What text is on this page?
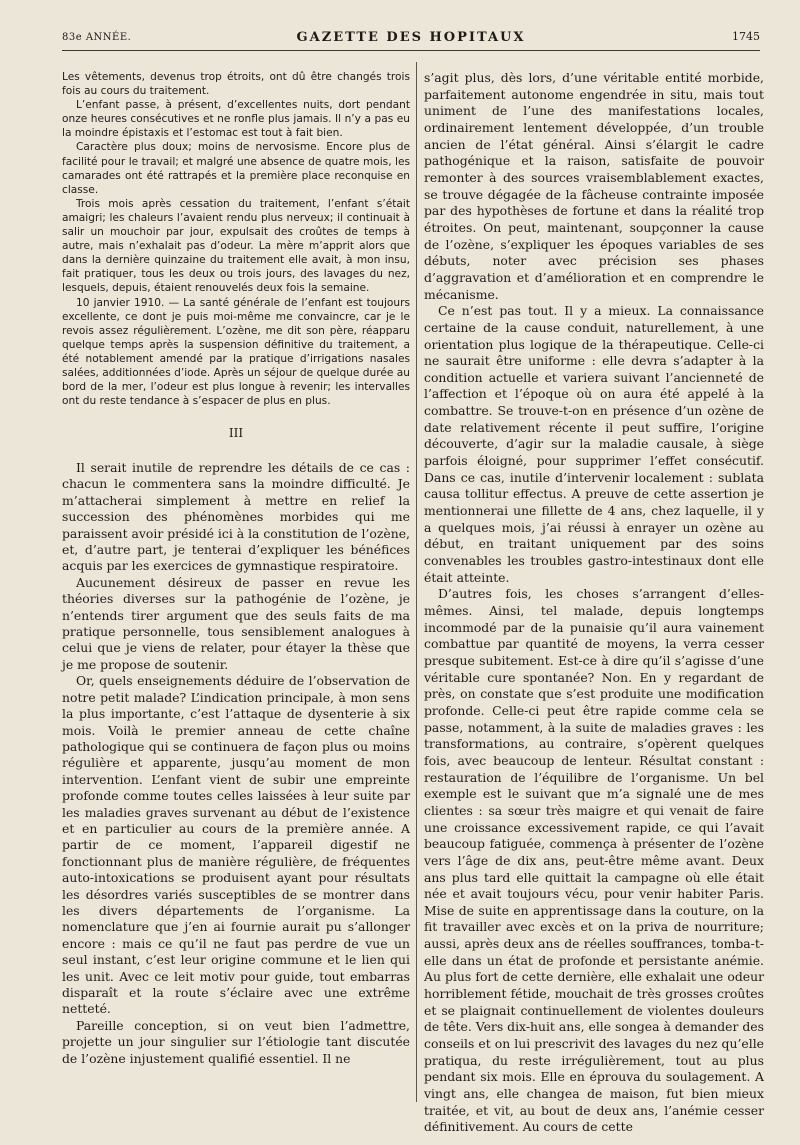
83e ANNÉE.	GAZETTE DES HOPITAUX	1745

Les vêtements, devenus trop étroits, ont dû être changés trois fois au cours du traitement.

L’enfant passe, à présent, d’excellentes nuits, dort pendant onze heures consécutives et ne ronfle plus jamais. Il n’y a pas eu la moindre épistaxis et l’estomac est tout à fait bien.

Caractère plus doux; moins de nervosisme. Encore plus de facilité pour le travail; et malgré une absence de quatre mois, les camarades ont été rattrapés et la première place reconquise en classe.

Trois mois après cessation du traitement, l’enfant s’était amaigri; les chaleurs l’avaient rendu plus nerveux; il continuait à salir un mouchoir par jour, expulsait des croûtes de temps à autre, mais n’exhalait pas d’odeur. La mère m’apprit alors que dans la dernière quinzaine du traitement elle avait, à mon insu, fait pratiquer, tous les deux ou trois jours, des lavages du nez, lesquels, depuis, étaient renouvelés deux fois la semaine.

10 janvier 1910. — La santé générale de l’enfant est toujours excellente, ce dont je puis moi-même me convaincre, car je le revois assez régulièrement. L’ozène, me dit son père, réapparu quelque temps après la suspension définitive du traitement, a été notablement amendé par la pratique d’irrigations nasales salées, additionnées d’iode. Après un séjour de quelque durée au bord de la mer, l’odeur est plus longue à revenir; les intervalles ont du reste tendance à s’espacer de plus en plus.

III

Il serait inutile de reprendre les détails de ce cas : chacun le commentera sans la moindre difficulté. Je m’attacherai simplement à mettre en relief la succession des phénomènes morbides qui me paraissent avoir présidé ici à la constitution de l’ozène, et, d’autre part, je tenterai d’expliquer les bénéfices acquis par les exercices de gymnastique respiratoire.

Aucunement désireux de passer en revue les théories diverses sur la pathogénie de l’ozène, je n’entends tirer argument que des seuls faits de ma pratique personnelle, tous sensiblement analogues à celui que je viens de relater, pour étayer la thèse que je me propose de soutenir.

Or, quels enseignements déduire de l’observation de notre petit malade? L’indication principale, à mon sens la plus importante, c’est l’attaque de dysenterie à six mois. Voilà le premier anneau de cette chaîne pathologique qui se continuera de façon plus ou moins régulière et apparente, jusqu’au moment de mon intervention. L’enfant vient de subir une empreinte profonde comme toutes celles laissées à leur suite par les maladies graves survenant au début de l’existence et en particulier au cours de la première année. A partir de ce moment, l’appareil digestif ne fonctionnant plus de manière régulière, de fréquentes auto-intoxications se produisent ayant pour résultats les désordres variés susceptibles de se montrer dans les divers départements de l’organisme. La nomenclature que j’en ai fournie aurait pu s’allonger encore : mais ce qu’il ne faut pas perdre de vue un seul instant, c’est leur origine commune et le lien qui les unit. Avec ce leit motiv pour guide, tout embarras disparaît et la route s’éclaire avec une extrême netteté.

Pareille conception, si on veut bien l’admettre, projette un jour singulier sur l’étiologie tant discutée de l’ozène injustement qualifié essentiel. Il ne

s’agit plus, dès lors, d’une véritable entité morbide, parfaitement autonome engendrée in situ, mais tout uniment de l’une des manifestations locales, ordinairement lentement développée, d’un trouble ancien de l’état général. Ainsi s’élargit le cadre pathogénique et la raison, satisfaite de pouvoir remonter à des sources vraisemblablement exactes, se trouve dégagée de la fâcheuse contrainte imposée par des hypothèses de fortune et dans la réalité trop étroites. On peut, maintenant, soupçonner la cause de l’ozène, s’expliquer les époques variables de ses débuts, noter avec précision ses phases d’aggravation et d’amélioration et en comprendre le mécanisme.

Ce n’est pas tout. Il y a mieux. La connaissance certaine de la cause conduit, naturellement, à une orientation plus logique de la thérapeutique. Celle-ci ne saurait être uniforme : elle devra s’adapter à la condition actuelle et variera suivant l’ancienneté de l’affection et l’époque où on aura été appelé à la combattre. Se trouve-t-on en présence d’un ozène de date relativement récente il peut suffire, l’origine découverte, d’agir sur la maladie causale, à siège parfois éloigné, pour supprimer l’effet consécutif. Dans ce cas, inutile d’intervenir localement : sublata causa tollitur effectus. A preuve de cette assertion je mentionnerai une fillette de 4 ans, chez laquelle, il y a quelques mois, j’ai réussi à enrayer un ozène au début, en traitant uniquement par des soins convenables les troubles gastro-intestinaux dont elle était atteinte.

D’autres fois, les choses s’arrangent d’elles-mêmes. Ainsi, tel malade, depuis longtemps incommodé par de la punaisie qu’il aura vainement combattue par quantité de moyens, la verra cesser presque subitement. Est-ce à dire qu’il s’agisse d’une véritable cure spontanée? Non. En y regardant de près, on constate que s’est produite une modification profonde. Celle-ci peut être rapide comme cela se passe, notamment, à la suite de maladies graves : les transformations, au contraire, s’opèrent quelques fois, avec beaucoup de lenteur. Résultat constant : restauration de l’équilibre de l’organisme. Un bel exemple est le suivant que m’a signalé une de mes clientes : sa sœur très maigre et qui venait de faire une croissance excessivement rapide, ce qui l’avait beaucoup fatiguée, commença à présenter de l’ozène vers l’âge de dix ans, peut-être même avant. Deux ans plus tard elle quittait la campagne où elle était née et avait toujours vécu, pour venir habiter Paris. Mise de suite en apprentissage dans la couture, on la fit travailler avec excès et on la priva de nourriture; aussi, après deux ans de réelles souffrances, tomba-t-elle dans un état de profonde et persistante anémie. Au plus fort de cette dernière, elle exhalait une odeur horriblement fétide, mouchait de très grosses croûtes et se plaignait continuellement de violentes douleurs de tête. Vers dix-huit ans, elle songea à demander des conseils et on lui prescrivit des lavages du nez qu’elle pratiqua, du reste irrégulièrement, tout au plus pendant six mois. Elle en éprouva du soulagement. A vingt ans, elle changea de maison, fut bien mieux traitée, et vit, au bout de deux ans, l’anémie cesser définitivement. Au cours de cette
